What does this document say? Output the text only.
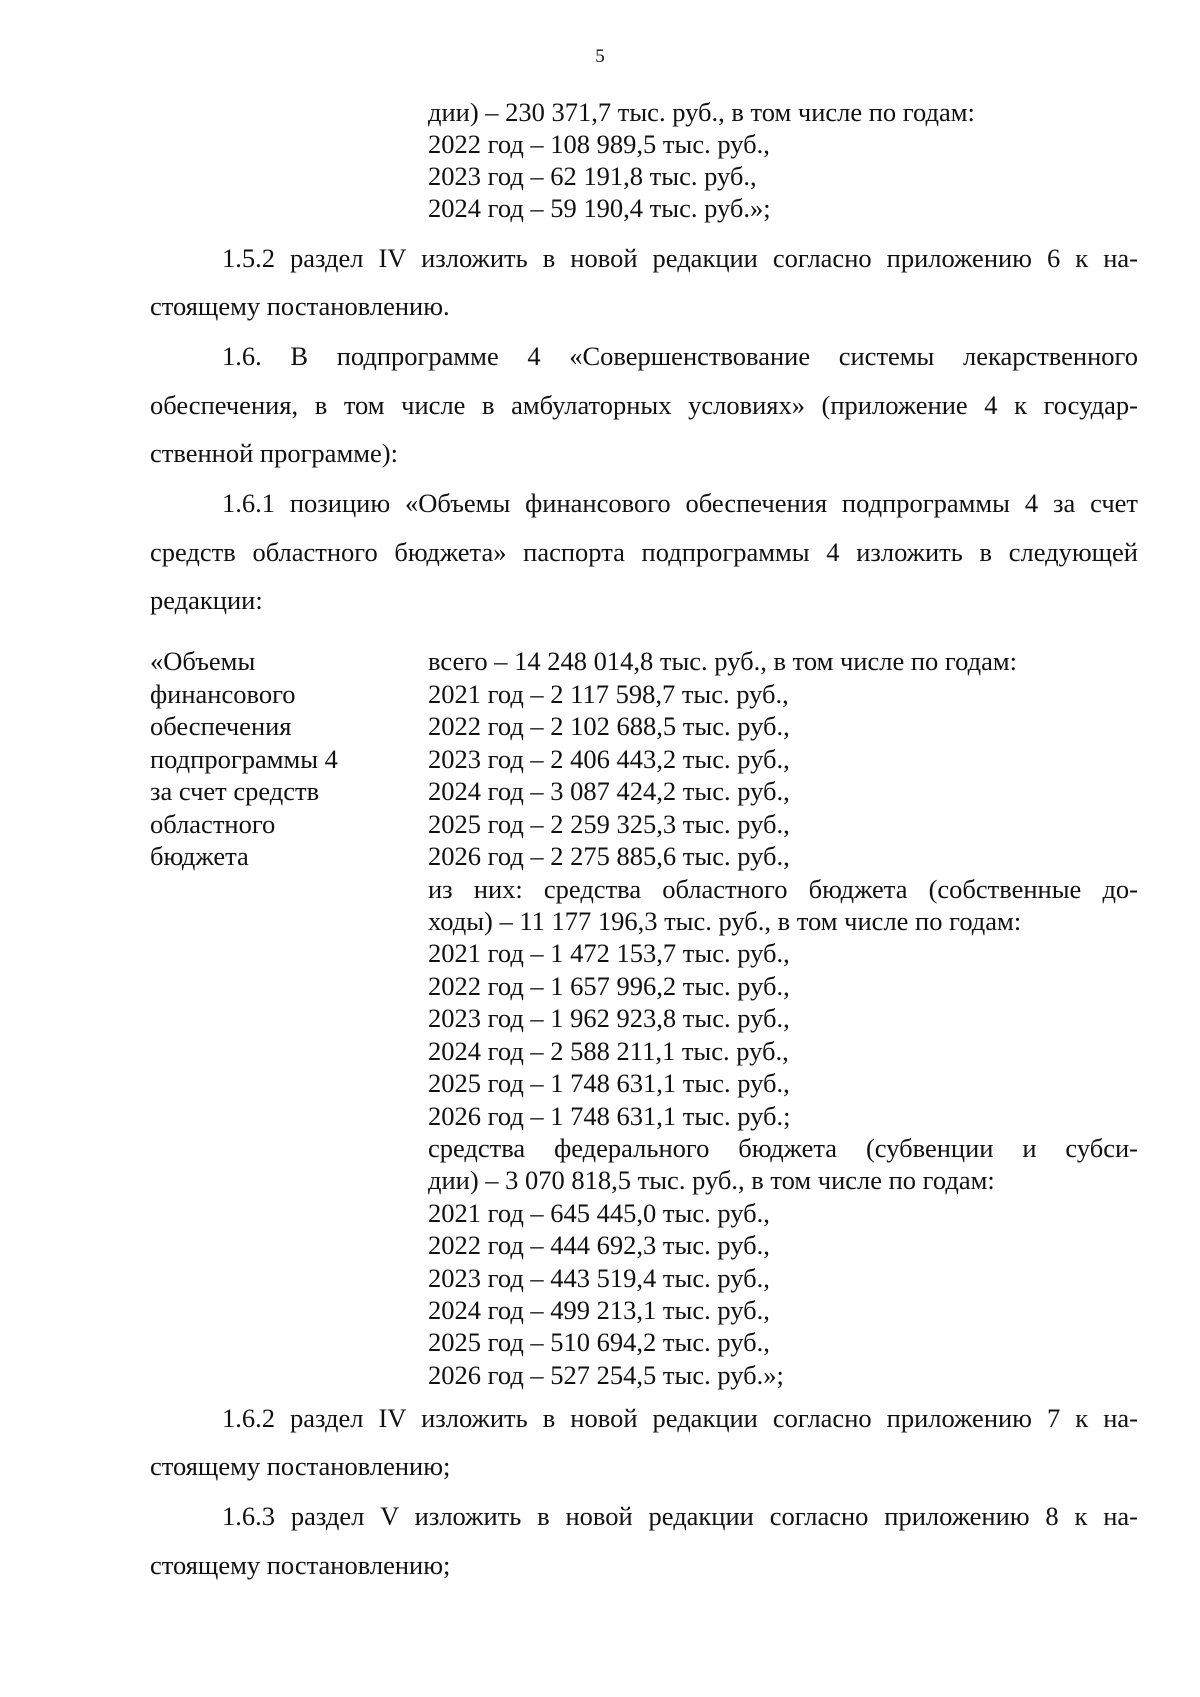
5
дии) – 230 371,7 тыс. руб., в том числе по годам:
2022 год – 108 989,5 тыс. руб.,
2023 год – 62 191,8 тыс. руб.,
2024 год – 59 190,4 тыс. руб.»;
1.5.2 раздел IV изложить в новой редакции согласно приложению 6 к на-
стоящему постановлению.
1.6. В подпрограмме 4 «Совершенствование системы лекарственного
обеспечения, в том числе в амбулаторных условиях» (приложение 4 к государ-
ственной программе):
1.6.1 позицию «Объемы финансового обеспечения подпрограммы 4 за счет
средств областного бюджета» паспорта подпрограммы 4 изложить в следующей
редакции:
«Объемы
финансового
обеспечения
подпрограммы 4
за счет средств
областного
бюджета
всего – 14 248 014,8 тыс. руб., в том числе по годам:
2021 год – 2 117 598,7 тыс. руб.,
2022 год – 2 102 688,5 тыс. руб.,
2023 год – 2 406 443,2 тыс. руб.,
2024 год – 3 087 424,2 тыс. руб.,
2025 год – 2 259 325,3 тыс. руб.,
2026 год – 2 275 885,6 тыс. руб.,
из них: средства областного бюджета (собственные до-
ходы) – 11 177 196,3 тыс. руб., в том числе по годам:
2021 год – 1 472 153,7 тыс. руб.,
2022 год – 1 657 996,2 тыс. руб.,
2023 год – 1 962 923,8 тыс. руб.,
2024 год – 2 588 211,1 тыс. руб.,
2025 год – 1 748 631,1 тыс. руб.,
2026 год – 1 748 631,1 тыс. руб.;
средства федерального бюджета (субвенции и субси-
дии) – 3 070 818,5 тыс. руб., в том числе по годам:
2021 год – 645 445,0 тыс. руб.,
2022 год – 444 692,3 тыс. руб.,
2023 год – 443 519,4 тыс. руб.,
2024 год – 499 213,1 тыс. руб.,
2025 год – 510 694,2 тыс. руб.,
2026 год – 527 254,5 тыс. руб.»;
1.6.2 раздел IV изложить в новой редакции согласно приложению 7 к на-
стоящему постановлению;
1.6.3 раздел V изложить в новой редакции согласно приложению 8 к на-
стоящему постановлению;
